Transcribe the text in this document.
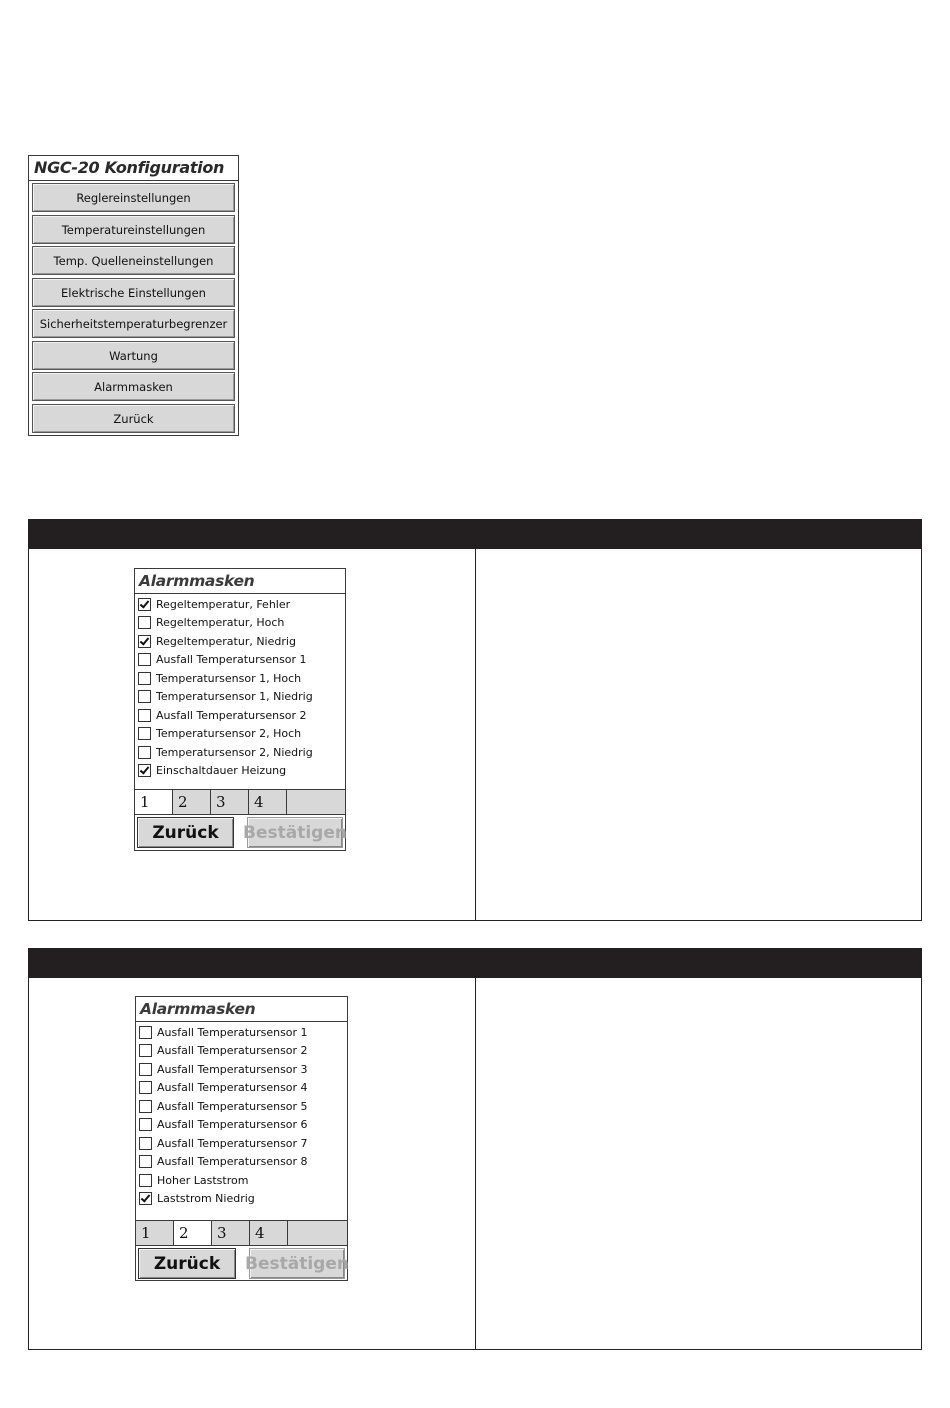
NGC-20 Konfiguration
Reglereinstellungen
Temperatureinstellungen
Temp. Quelleneinstellungen
Elektrische Einstellungen
Sicherheitstemperaturbegrenzer
Wartung
Alarmmasken
Zurück
Alarmmasken
Regeltemperatur, Fehler
Regeltemperatur, Hoch
Regeltemperatur, Niedrig
Ausfall Temperatursensor 1
Temperatursensor 1, Hoch
Temperatursensor 1, Niedrig
Ausfall Temperatursensor 2
Temperatursensor 2, Hoch
Temperatursensor 2, Niedrig
Einschaltdauer Heizung
1	2	3	4
Zurück	Bestätigen
Alarmmasken
Ausfall Temperatursensor 1
Ausfall Temperatursensor 2
Ausfall Temperatursensor 3
Ausfall Temperatursensor 4
Ausfall Temperatursensor 5
Ausfall Temperatursensor 6
Ausfall Temperatursensor 7
Ausfall Temperatursensor 8
Hoher Laststrom
Laststrom Niedrig
1	2	3	4
Zurück	Bestätigen
